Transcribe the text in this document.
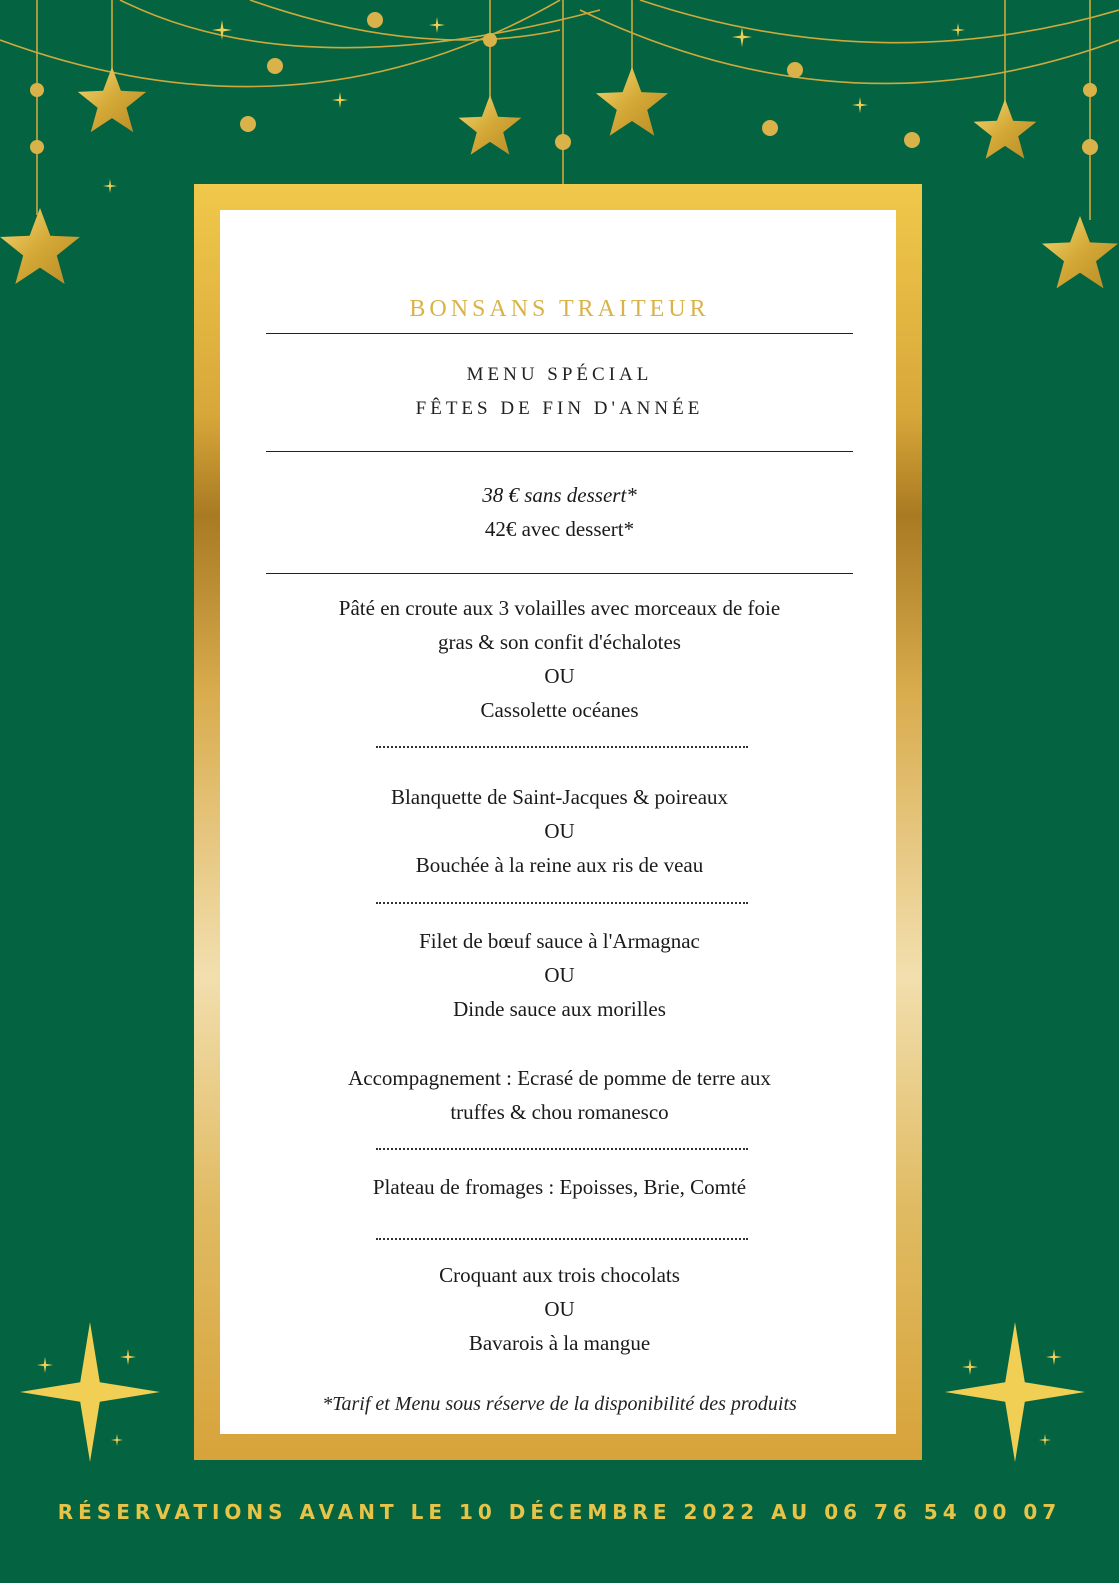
BONSANS TRAITEUR
MENU SPÉCIAL
FÊTES DE FIN D'ANNÉE
38 € sans dessert*
42€ avec dessert*
Pâté en croute aux 3 volailles avec morceaux de foie
gras & son confit d'échalotes
OU
Cassolette océanes
Blanquette de Saint-Jacques & poireaux
OU
Bouchée à la reine aux ris de veau
Filet de bœuf sauce à l'Armagnac
OU
Dinde sauce aux morilles
Accompagnement : Ecrasé de pomme de terre aux
truffes & chou romanesco
Plateau de fromages : Epoisses, Brie, Comté
Croquant aux trois chocolats
OU
Bavarois à la mangue
*Tarif et Menu sous réserve de la disponibilité des produits
RÉSERVATIONS AVANT LE 10 DÉCEMBRE 2022 AU 06 76 54 00 07
